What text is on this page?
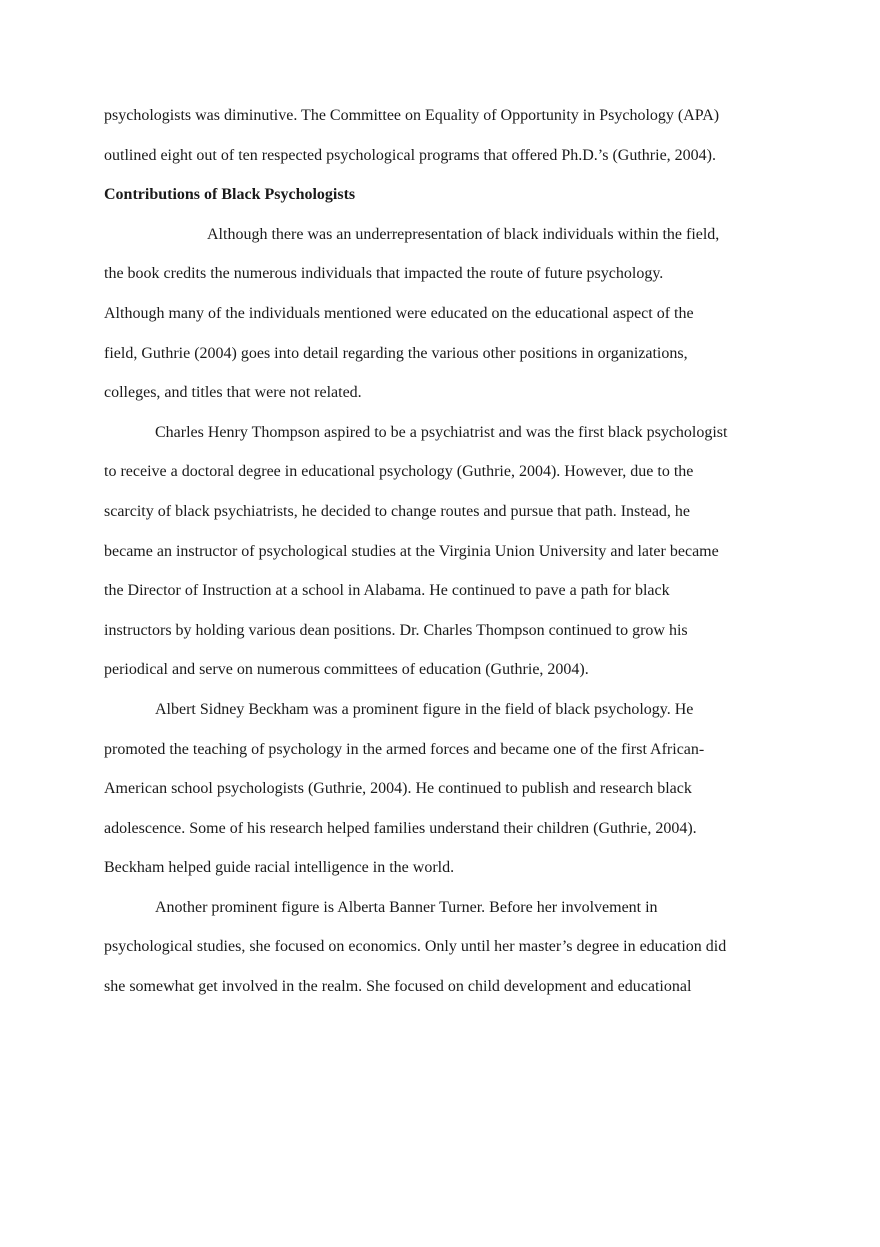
psychologists was diminutive. The Committee on Equality of Opportunity in Psychology (APA)
outlined eight out of ten respected psychological programs that offered Ph.D.’s (Guthrie, 2004).
Contributions of Black Psychologists
Although there was an underrepresentation of black individuals within the field,
the book credits the numerous individuals that impacted the route of future psychology.
Although many of the individuals mentioned were educated on the educational aspect of the
field, Guthrie (2004) goes into detail regarding the various other positions in organizations,
colleges, and titles that were not related.
Charles Henry Thompson aspired to be a psychiatrist and was the first black psychologist
to receive a doctoral degree in educational psychology (Guthrie, 2004). However, due to the
scarcity of black psychiatrists, he decided to change routes and pursue that path. Instead, he
became an instructor of psychological studies at the Virginia Union University and later became
the Director of Instruction at a school in Alabama. He continued to pave a path for black
instructors by holding various dean positions. Dr. Charles Thompson continued to grow his
periodical and serve on numerous committees of education (Guthrie, 2004).
Albert Sidney Beckham was a prominent figure in the field of black psychology. He
promoted the teaching of psychology in the armed forces and became one of the first African-
American school psychologists (Guthrie, 2004). He continued to publish and research black
adolescence. Some of his research helped families understand their children (Guthrie, 2004).
Beckham helped guide racial intelligence in the world.
Another prominent figure is Alberta Banner Turner. Before her involvement in
psychological studies, she focused on economics. Only until her master’s degree in education did
she somewhat get involved in the realm. She focused on child development and educational
